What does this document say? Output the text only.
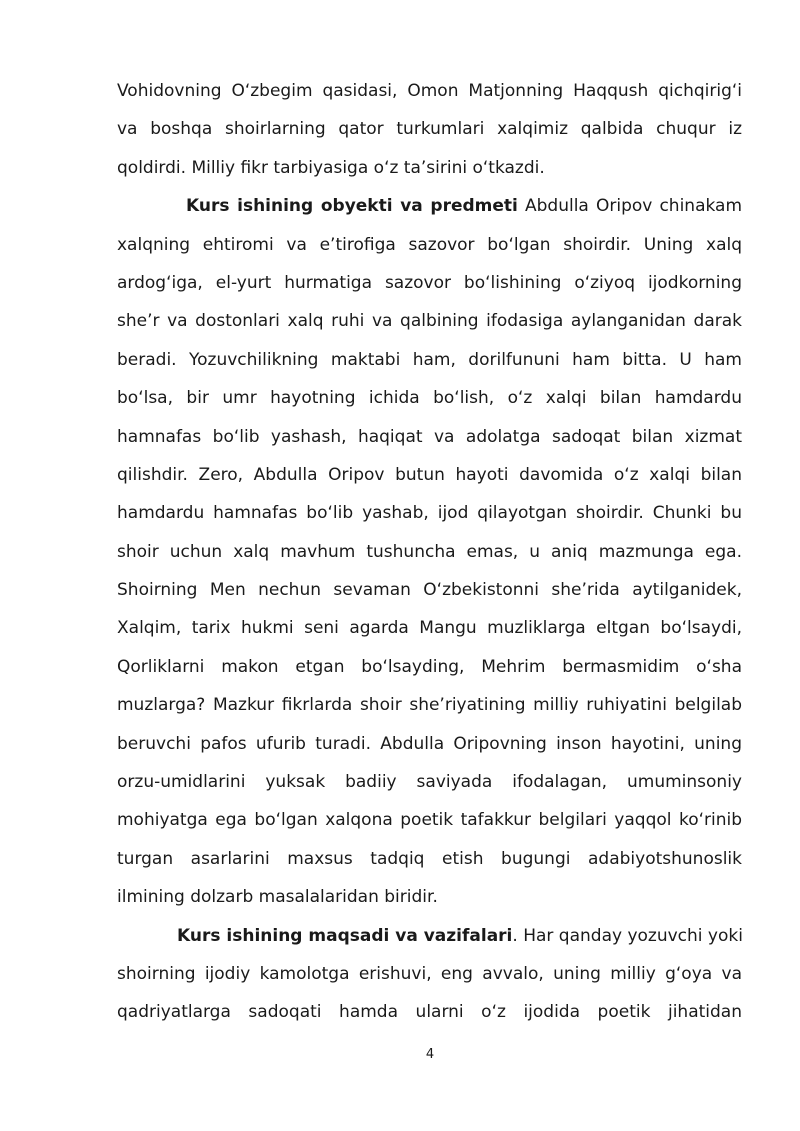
Vohidovning O‘zbegim qasidasi, Omon Matjonning Haqqush qichqirig‘i
va boshqa shoirlarning qator turkumlari xalqimiz qalbida chuqur iz
qoldirdi. Milliy fikr tarbiyasiga o‘z ta’sirini o‘tkazdi.
Kurs ishining obyekti va predmeti Abdulla Oripov chinakam
xalqning ehtiromi va e’tirofiga sazovor bo‘lgan shoirdir. Uning xalq
ardog‘iga, el-yurt hurmatiga sazovor bo‘lishining o‘ziyoq ijodkorning
she’r va dostonlari xalq ruhi va qalbining ifodasiga aylanganidan darak
beradi. Yozuvchilikning maktabi ham, dorilfununi ham bitta. U ham
bo‘lsa, bir umr hayotning ichida bo‘lish, o‘z xalqi bilan hamdardu
hamnafas bo‘lib yashash, haqiqat va adolatga sadoqat bilan xizmat
qilishdir. Zero, Abdulla Oripov butun hayoti davomida o‘z xalqi bilan
hamdardu hamnafas bo‘lib yashab, ijod qilayotgan shoirdir. Chunki bu
shoir uchun xalq mavhum tushuncha emas, u aniq mazmunga ega.
Shoirning Men nechun sevaman O‘zbekistonni she’rida aytilganidek,
Xalqim, tarix hukmi seni agarda Mangu muzliklarga eltgan bo‘lsaydi,
Qorliklarni makon etgan bo‘lsayding, Mehrim bermasmidim o‘sha
muzlarga? Mazkur fikrlarda shoir she’riyatining milliy ruhiyatini belgilab
beruvchi pafos ufurib turadi. Abdulla Oripovning inson hayotini, uning
orzu-umidlarini yuksak badiiy saviyada ifodalagan, umuminsoniy
mohiyatga ega bo‘lgan xalqona poetik tafakkur belgilari yaqqol ko‘rinib
turgan asarlarini maxsus tadqiq etish bugungi adabiyotshunoslik
ilmining dolzarb masalalaridan biridir.
Kurs ishining maqsadi va vazifalari. Har qanday yozuvchi yoki
shoirning ijodiy kamolotga erishuvi, eng avvalo, uning milliy g‘oya va
qadriyatlarga sadoqati hamda ularni o‘z ijodida poetik jihatidan
4
